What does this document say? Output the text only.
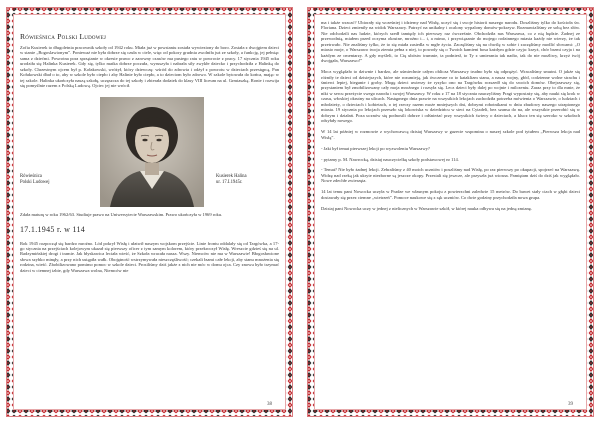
Rówieśnica Polski Ludowej

Zofia Kusierek to długoletnia pracownik szkoły od 1942 roku. Miała już w powstaniu została wywieziony do boro. Została z dwojgiem dzieci w stanie „Bogoslawionym”. Ponieważ nie była dobrze się czuła w ciele, więc od pokory grudnia zwolniła już ze szkoły, a funkcję, jej pełniąc sama z dziećmi. Powrotna pora sprzątanie w okresie prawo z zarowny czasów ma pustego ratu w powrocie z pracy. 17 stycznia 1945 roku urodziła się Halinka Kusierek. Gdy się, tylko matka dobrze poczuła, wyruszyła i nabrała siły zwykłe dziecko i przychodziła z Halinką do szkoły. Chrzestnym ojcem był p. Kołakowski, wróżył, który dziewczę: wśród do zdrowia i odżył z powrotu w dzieciach przestępcą, Pan Kołakowski dbał o to, aby w szkole było ciepło i aby Halinie było ciepło, a to dzieciom było zdrowo. W szkole bytowała do końca, mając w tej szkole. Halinka ukończyła naszą szkołę, uczęszcza do tej szkoły i zbierała dodatek do klasy VIII liceum na ul. Grmiaszką. Ronie i rozwija się pomyślnie razem z Polską Ludową. Ojciec jej nie wrócił.

Rówieśnica
Polski Ludowej
Kusierek Halina
ur. 17.I.1945r.

Zdała maturę w roku 1962/63. Studiuje prawo na Uniwersytecie Warszawskim. Prawo ukończyła w 1969 roku.

17.1.1945 r. w 114

Rok 1945 rozpoczął się bardzo mroźno. Lód pokrył Wisłę i ułatwił naszym wojskom przejście. Linie frontu oddalały się od Targówka, a 17-go stycznia na przejściach kolejowym ukazał się pierwszy oficer z tym samym kolorem, który przekroczył Wisłę. Wreszcie gdzieś się na ul. Radzymińskiej drogi i tramie. Jak błyskawica leciała wieść, że Szkoła wracała nasza. Wszy. Niemców nie ma w Warszawie! Błogosławione słowa szybko minęły, a przy nich ustąpiła wałk. Obojętność wstrzymywała nieszczęśliwość; czekali łzami całe lekcji, aby stanu mnożenia się rodzina, wieść. Zbobilizowano pomimo pomoc w szkole dzieci. Prosiliśmy dziś jakże z nich nie móc w domu ojca. Czy znowu było trzymać dzieci w ciemnej izbie, gdy Warszawa wolna, Niemców nie

38

ma i także wracać? Ubiorały się wcześniej i idziemy nad Wisłę, uczyć się i swoje historii naszego narodu. Doszliśmy tylko do kościoła św. Floriana. Dzieci zmieniły na widok Warszawy. Patrzyć na unikalny i ocalony wypalony domów-pokrzyw. Rozmawialiśmy ze sobą bez słów. Nie odchodzili nas ludzie, których szedł tamtędy ich pierwszy raz ówcześnie. Obchodziła nas Warszawa, co z nią będzie. Żadnej ze przewodnią, miałem przed oczyma okrutne, mroźno i... i, a mimo, i przywiązanie do mojego rodzinnego miasta każdy nie wierzy, że tak przetrwało. Nie znaliśmy tylko, że to się miała zasiedla w mgłe życia. Zaczęliśmy się na chwilę w sobie i zaczęliśmy modlić słowami: „O miasto moje, o Warszawo twoja ziemia pełna z niej, to powody się o Twoich kamieni bosa każdym gdzie czyja: krzyż, chór brzmi czyja i na każdym ze cmentarzy. A gdy myśleli, to Cię ubóstw trumnie, ta podniesł, to Ty z umierania tak nadto, tak do nie możliwy, krzyż twój dwojgała, Warszawo!”

Mocz wyglądało to dziwnie i bardzo, ale uśmiechnie całym oblicza Warszawy trudno było się odprężyć. Wracaliśmy smutni. O jakże się różniły te dzieci od dzisiejszych, które nie rozumieją, jak ówczesne co to kataklizm stanu, a nasza wojny, głód, codzienne wolne strachu i śmierci lepiej, bieganie i groby. Mogę dzieci uwierzy że ryzyko ono na Targówku rozszedł się do swoich domów. Obejrzawszy się, przystaniem był zmobilizowany cały moja mroźnego i rozsyła się. Lecz dzieci były dalej po wojnie i milczeniu. Zaraz przy to dla mnie, że nikt w sercu przeżycie swego narodu i swojej Warszawy. W roku z 17 na 18 stycznia nauczyliśmy Pragi wypostaży się, aby nauki się krok w czasu, włoskiej okrutny na ulicach. Następnego dnia prawie na wszystkich lekcjach zachodziła potrzeba mówienia o Warszawie, o ludziach i młodzieży, o dzieciach i kobietach, o tej rzeczy razem może mniejszych dni, dobrymi robotnikami w dniu zbudowy naszego utrapionego miasta. 19 stycznia po lekcjach przeszło się lokowiska w dziedzińcu w sieci na Cytadeli, bez szansa do na, ale wszystkie przerobić się w dobrym i działań. Poza ucznów się podnosili dobrze i odśnieżać przy wszystkich świecy o dzieciach, a klucz ten się szeroko w szkołach odsyłały nowego.

W 14 lat później w rozmowie z wychowawcą dzisiaj Warszawy w gazecie wspomina o naszej szkole pod tytułem „Pierwsza lekcja nad Wisłą”.

- Jaki był temat pierwszej lekcji po wyzwoleniu Warszawy?

- pytamy p. M. Nawrocką, dzisiaj nauczycielkę szkoły podstawowej nr 114.

- Temat? Nie było żadnej lekcji. Zebraliśmy z 40 moich uczniów i poszliśmy nad Wisłę, po raz pierwszy po okupacji, spojrzeć na Warszawę. Widzę nad rzeką jak ukryte niezborne są jeszcze okopy. Przestali się jeszcze, ale przyszła już wiosna. Pamiętam dziś do dziś jak wyglądało. Nowe zdechłe zwierzęta.

14 lat temu pani Nowocka uczyła w Pradze we własnym pokoju z powierzchni zaledwie 15 metrów. Do bawet stały ciach w głębi dzieci dostawały się przez ciemne „wietrzeń”. Pomoce naukowe się z rąk uczniów. Co dwie godziny przychodziła nowa grupa.

Dzisiaj pani Nowocka uczy w jednej z nielicznych w Warszawie szkół, w której nauka odbywa się na jedną zmianę.

39
